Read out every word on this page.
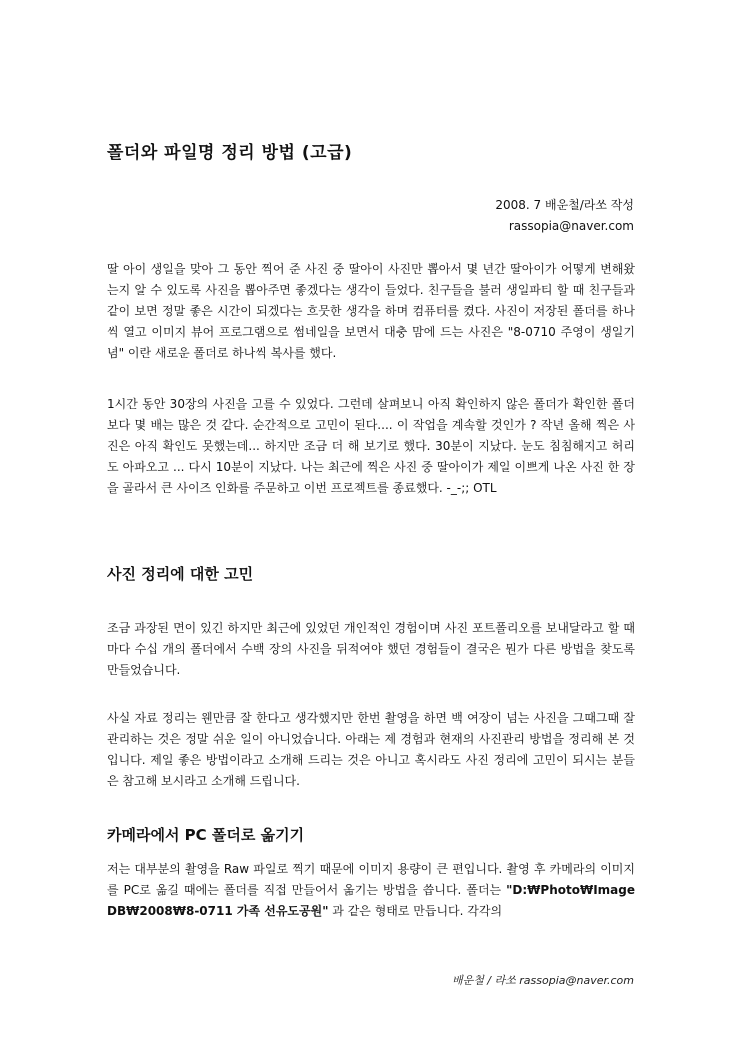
폴더와 파일명 정리 방법 (고급)

2008. 7 배운철/라쏘 작성

rassopia@naver.com

딸 아이 생일을 맞아 그 동안 찍어 준 사진 중 딸아이 사진만 뽑아서 몇 년간 딸아이가 어떻게 변해왔는지 알 수 있도록 사진을 뽑아주면 좋겠다는 생각이 들었다. 친구들을 불러 생일파티 할 때 친구들과 같이 보면 정말 좋은 시간이 되겠다는 흐뭇한 생각을 하며 컴퓨터를 켰다. 사진이 저장된 폴더를 하나씩 열고 이미지 뷰어 프로그램으로 썸네일을 보면서 대충 맘에 드는 사진은 "8-0710 주영이 생일기념" 이란 새로운 폴더로 하나씩 복사를 했다.

1시간 동안 30장의 사진을 고를 수 있었다. 그런데 살펴보니 아직 확인하지 않은 폴더가 확인한 폴더보다 몇 배는 많은 것 같다. 순간적으로 고민이 된다.... 이 작업을 계속할 것인가 ? 작년 올해 찍은 사진은 아직 확인도 못했는데... 하지만 조금 더 해 보기로 했다. 30분이 지났다. 눈도 침침해지고 허리도 아파오고 ... 다시 10분이 지났다. 나는 최근에 찍은 사진 중 딸아이가 제일 이쁘게 나온 사진 한 장을 골라서 큰 사이즈 인화를 주문하고 이번 프로젝트를 종료했다. -_-;; OTL

사진 정리에 대한 고민

조금 과장된 면이 있긴 하지만 최근에 있었던 개인적인 경험이며 사진 포트폴리오를 보내달라고 할 때마다 수십 개의 폴더에서 수백 장의 사진을 뒤적여야 했던 경험들이 결국은 뭔가 다른 방법을 찾도록 만들었습니다.

사실 자료 정리는 웬만큼 잘 한다고 생각했지만 한번 촬영을 하면 백 여장이 넘는 사진을 그때그때 잘 관리하는 것은 정말 쉬운 일이 아니었습니다. 아래는 제 경험과 현재의 사진관리 방법을 정리해 본 것입니다. 제일 좋은 방법이라고 소개해 드리는 것은 아니고 혹시라도 사진 정리에 고민이 되시는 분들은 참고해 보시라고 소개해 드립니다.

카메라에서 PC 폴더로 옮기기

저는 대부분의 촬영을 Raw 파일로 찍기 때문에 이미지 용량이 큰 편입니다. 촬영 후 카메라의 이미지를 PC로 옮길 때에는 폴더를 직접 만들어서 옮기는 방법을 씁니다. 폴더는 "D:₩Photo₩Image DB₩2008₩8-0711 가족 선유도공원" 과 같은 형태로 만듭니다. 각각의

배운철 / 라쏘 rassopia@naver.com
